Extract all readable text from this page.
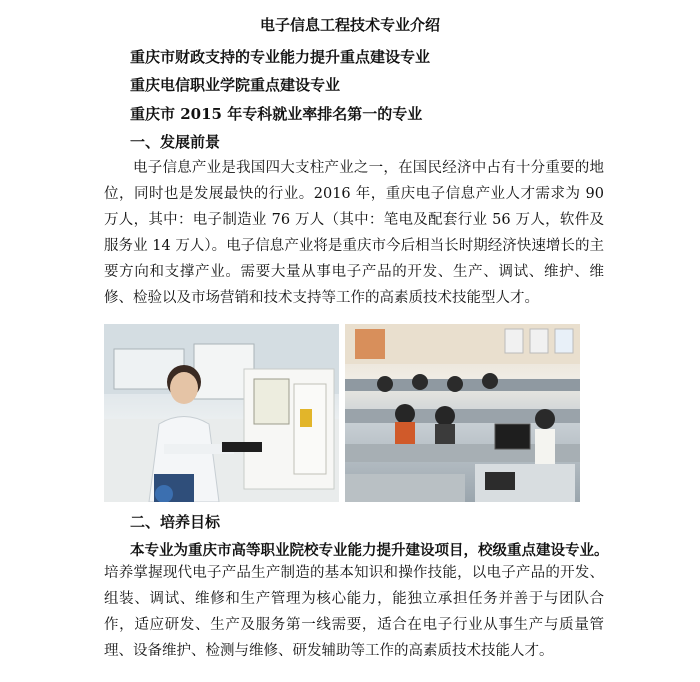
电子信息工程技术专业介绍
重庆市财政支持的专业能力提升重点建设专业
重庆电信职业学院重点建设专业
重庆市 2015 年专科就业率排名第一的专业
一、发展前景
电子信息产业是我国四大支柱产业之一，在国民经济中占有十分重要的地位，同时也是发展最快的行业。2016 年，重庆电子信息产业人才需求为 90 万人，其中：电子制造业 76 万人（其中：笔电及配套行业 56 万人，软件及服务业 14 万人）。电子信息产业将是重庆市今后相当长时期经济快速增长的主要方向和支撑产业。需要大量从事电子产品的开发、生产、调试、维护、维修、检验以及市场营销和技术支持等工作的高素质技术技能型人才。
二、培养目标
本专业为重庆市高等职业院校专业能力提升建设项目，校级重点建设专业。
培养掌握现代电子产品生产制造的基本知识和操作技能，以电子产品的开发、组装、调试、维修和生产管理为核心能力，能独立承担任务并善于与团队合作，适应研发、生产及服务第一线需要，适合在电子行业从事生产与质量管理、设备维护、检测与维修、研发辅助等工作的高素质技术技能人才。
